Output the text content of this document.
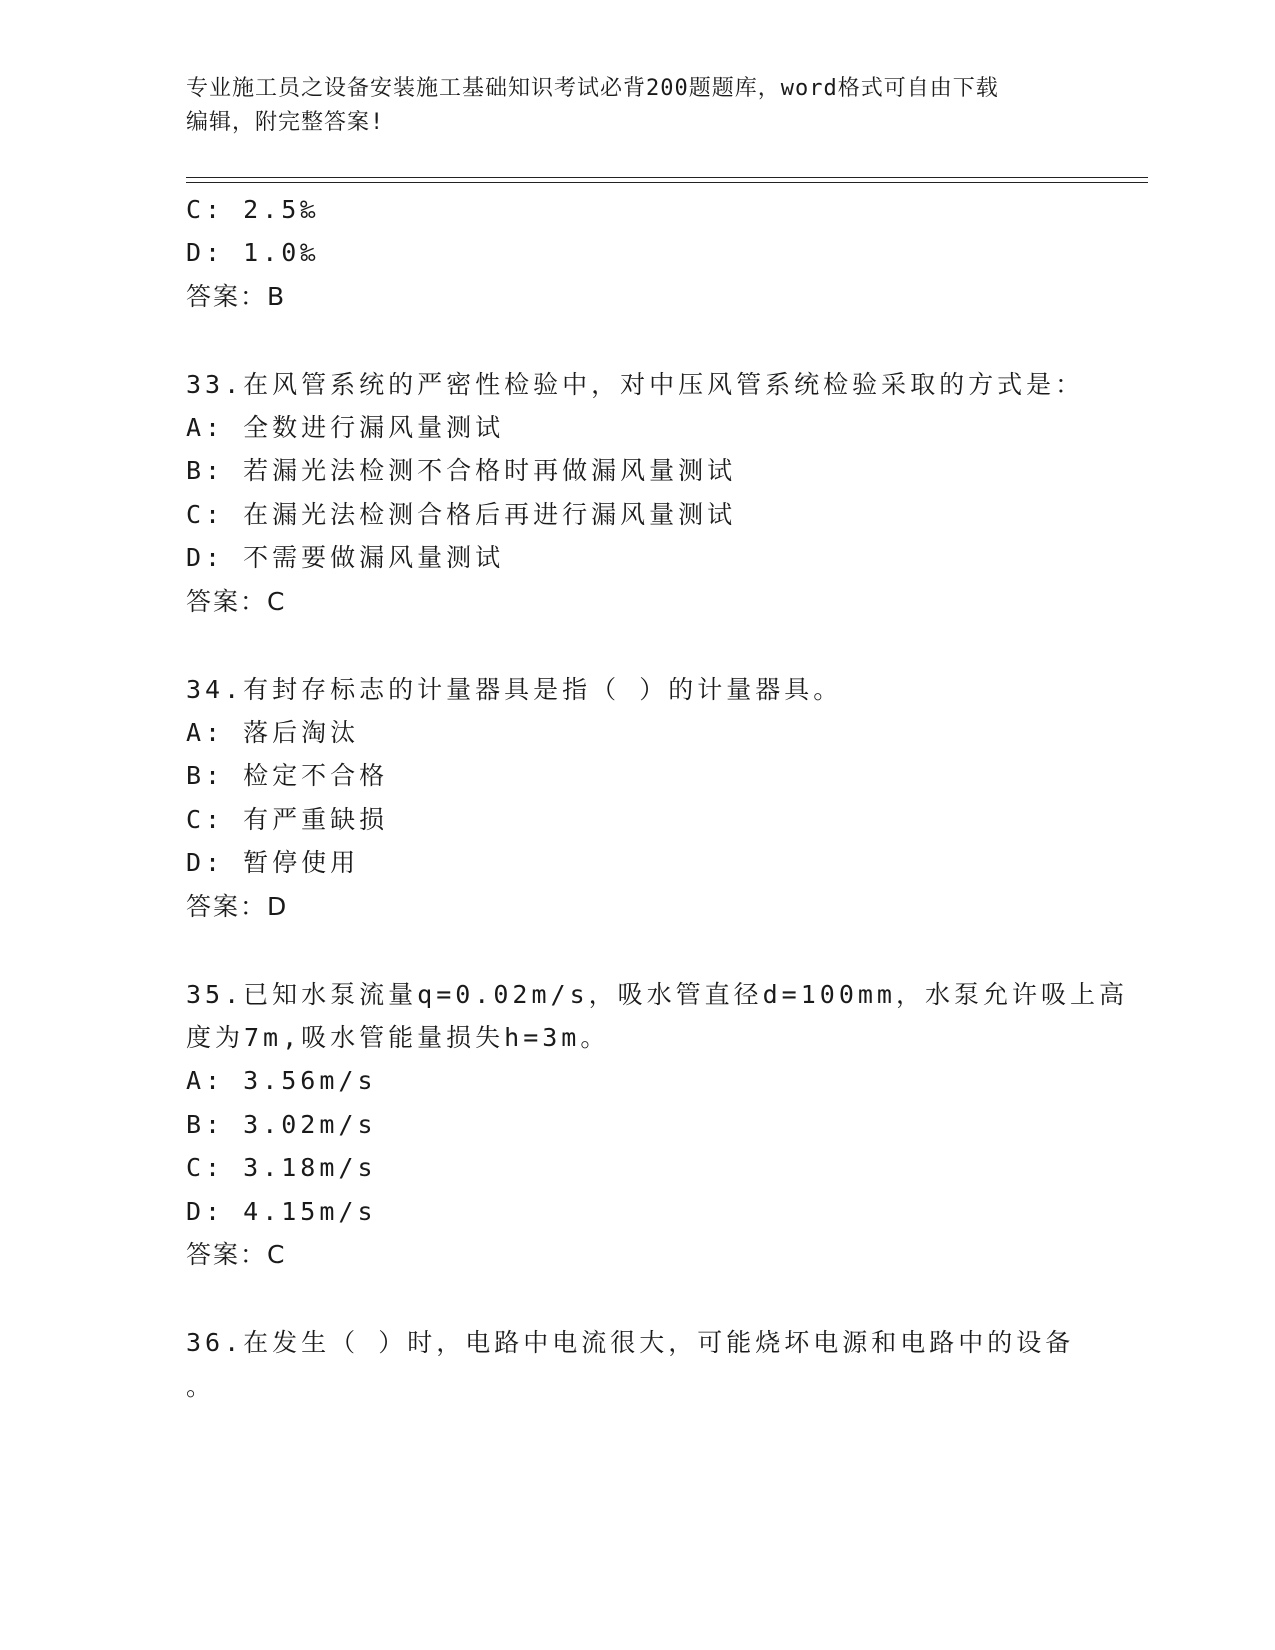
专业施工员之设备安装施工基础知识考试必背200题题库，word格式可自由下载
编辑，附完整答案!
C: 2.5‰
D: 1.0‰
答案：B
33.在风管系统的严密性检验中，对中压风管系统检验采取的方式是：
A: 全数进行漏风量测试
B: 若漏光法检测不合格时再做漏风量测试
C: 在漏光法检测合格后再进行漏风量测试
D: 不需要做漏风量测试
答案：C
34.有封存标志的计量器具是指（ ）的计量器具。
A: 落后淘汰
B: 检定不合格
C: 有严重缺损
D: 暂停使用
答案：D
35.已知水泵流量q=0.02m/s，吸水管直径d=100mm，水泵允许吸上高
度为7m,吸水管能量损失h=3m。
A: 3.56m/s
B: 3.02m/s
C: 3.18m/s
D: 4.15m/s
答案：C
36.在发生（ ）时，电路中电流很大，可能烧坏电源和电路中的设备
。
